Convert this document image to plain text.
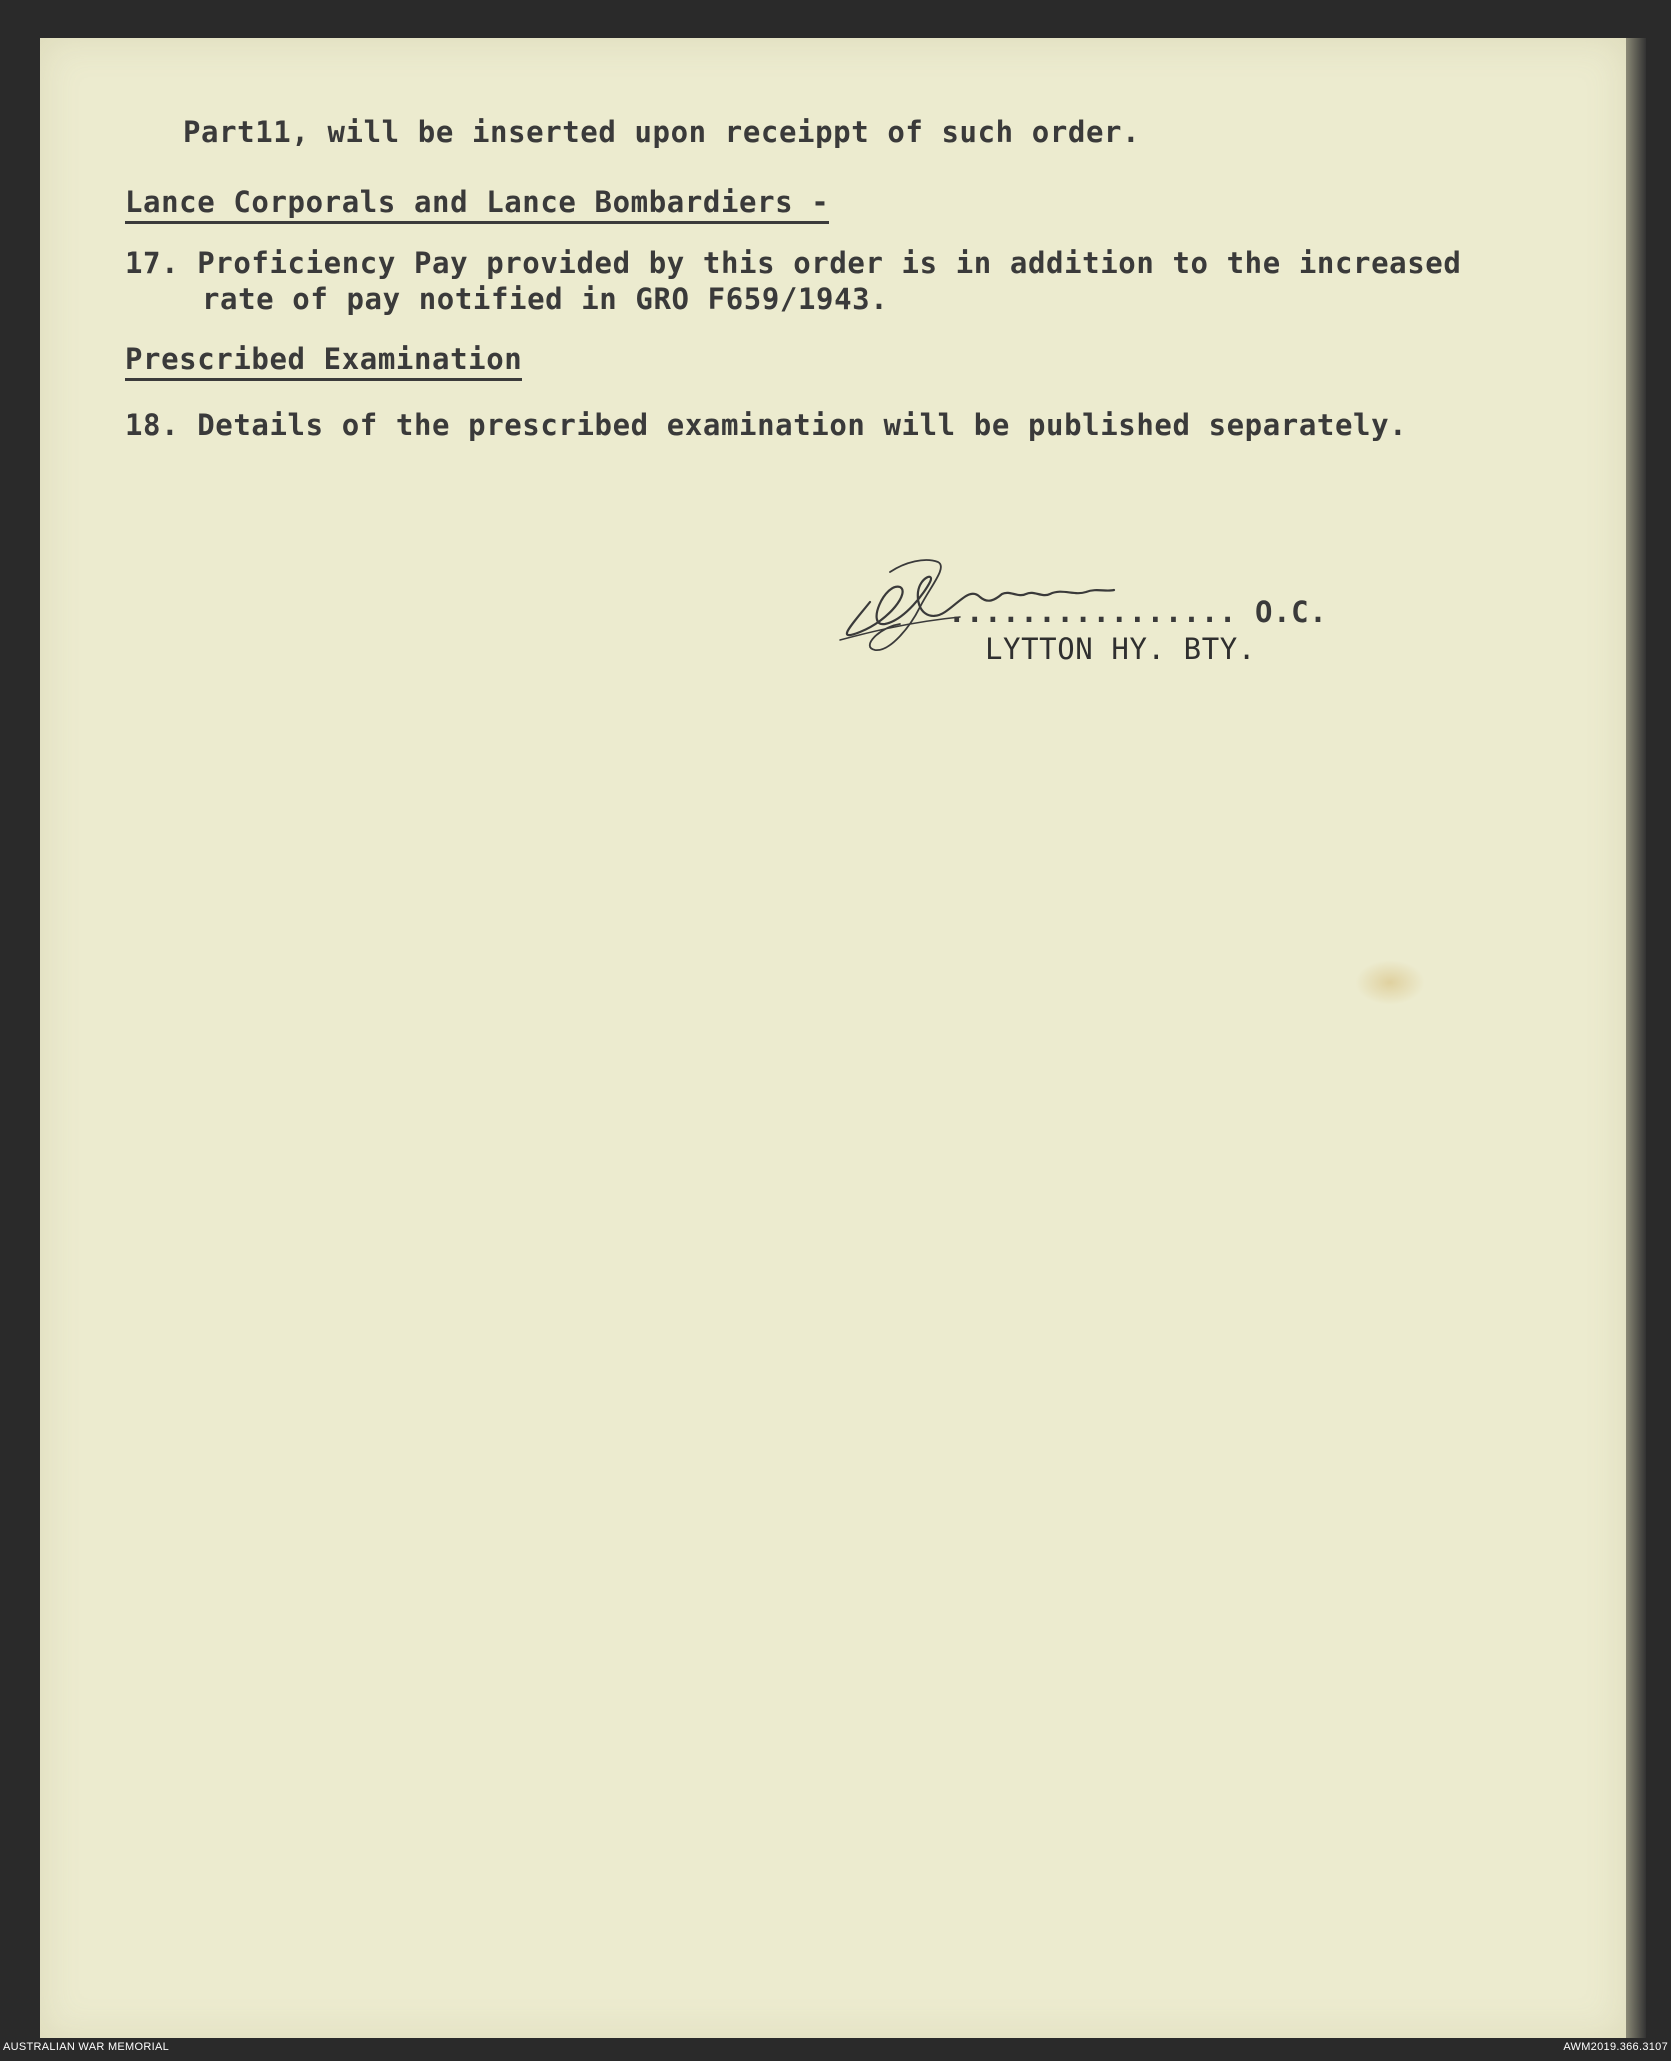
Part11, will be inserted upon receippt of such order.
Lance Corporals and Lance Bombardiers -
17. Proficiency Pay provided by this order is in addition to the increased
rate of pay notified in GRO F659/1943.
Prescribed Examination
18. Details of the prescribed examination will be published separately.
................ O.C.
LYTTON HY. BTY.
AUSTRALIAN WAR MEMORIAL	AWM2019.366.3107
